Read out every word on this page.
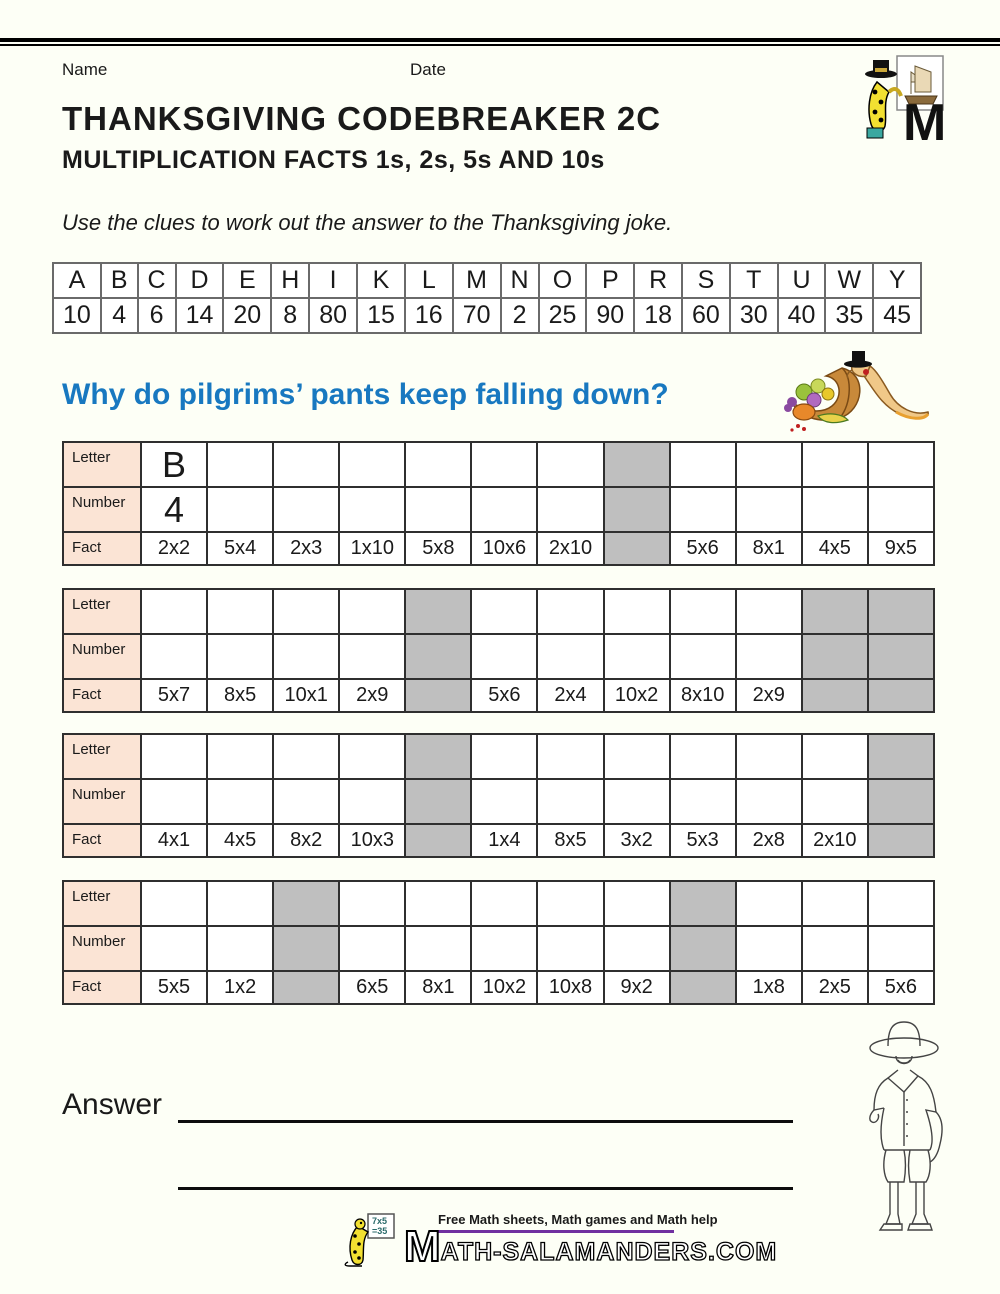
Name	Date
M
THANKSGIVING CODEBREAKER 2C
MULTIPLICATION FACTS 1s, 2s, 5s AND 10s
Use the clues to work out the answer to the Thanksgiving joke.
A	B	C	D	E	H	I	K	L	M	N	O	P	R	S	T	U	W	Y
10	4	6	14	20	8	80	15	16	70	2	25	90	18	60	30	40	35	45
Why do pilgrims’ pants keep falling down?
Letter	B											
Number	4											
Fact	2x2	5x4	2x3	1x10	5x8	10x6	2x10		5x6	8x1	4x5	9x5
Letter												
Number												
Fact	5x7	8x5	10x1	2x9		5x6	2x4	10x2	8x10	2x9		
Letter												
Number												
Fact	4x1	4x5	8x2	10x3		1x4	8x5	3x2	5x3	2x8	2x10	
Letter												
Number												
Fact	5x5	1x2		6x5	8x1	10x2	10x8	9x2		1x8	2x5	5x6
Answer
7x5
=35
Free Math sheets, Math games and Math help
M ATH-SALAMANDERS.COM
